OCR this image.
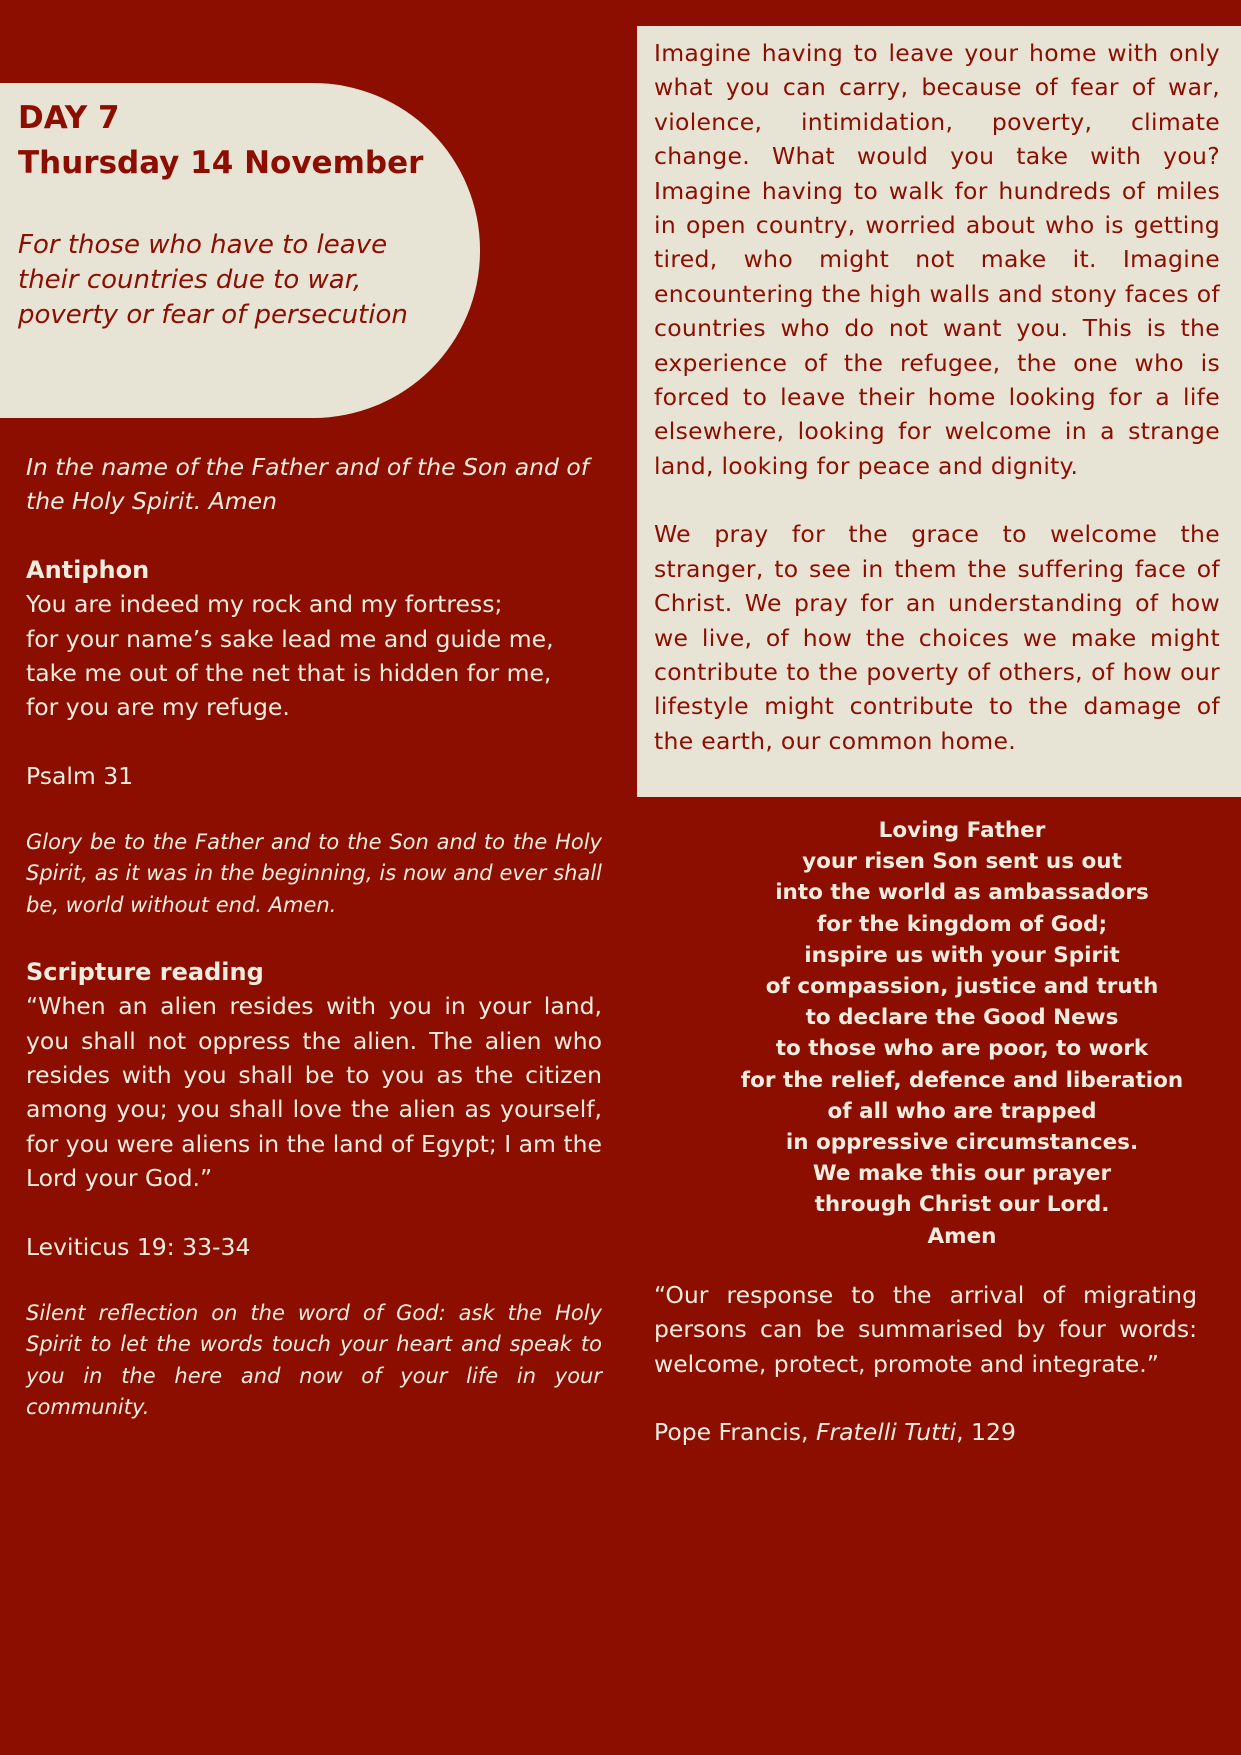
DAY 7
Thursday 14 November

For those who have to leave
their countries due to war,
poverty or fear of persecution

In the name of the Father and of the Son and of the Holy Spirit. Amen

Antiphon

You are indeed my rock and my fortress;

for your name’s sake lead me and guide me,

take me out of the net that is hidden for me,

for you are my refuge.

Psalm 31

Glory be to the Father and to the Son and to the Holy Spirit, as it was in the beginning, is now and ever shall be, world without end. Amen.

Scripture reading

“When an alien resides with you in your land, you shall not oppress the alien. The alien who resides with you shall be to you as the citizen among you; you shall love the alien as yourself, for you were aliens in the land of Egypt; I am the Lord your God.”

Leviticus 19: 33-34

Silent reflection on the word of God: ask the Holy Spirit to let the words touch your heart and speak to you in the here and now of your life in your community.

Imagine having to leave your home with only what you can carry, because of fear of war, violence, intimidation, poverty, climate change. What would you take with you? Imagine having to walk for hundreds of miles in open country, worried about who is getting tired, who might not make it. Imagine encountering the high walls and stony faces of countries who do not want you. This is the experience of the refugee, the one who is forced to leave their home looking for a life elsewhere, looking for welcome in a strange land, looking for peace and dignity.

We pray for the grace to welcome the stranger, to see in them the suffering face of Christ. We pray for an understanding of how we live, of how the choices we make might contribute to the poverty of others, of how our lifestyle might contribute to the damage of the earth, our common home.

Loving Father
your risen Son sent us out
into the world as ambassadors
for the kingdom of God;
inspire us with your Spirit
of compassion, justice and truth
to declare the Good News
to those who are poor, to work
for the relief, defence and liberation
of all who are trapped
in oppressive circumstances.
We make this our prayer
through Christ our Lord.
Amen

“Our response to the arrival of migrating persons can be summarised by four words: welcome, protect, promote and integrate.”

Pope Francis, Fratelli Tutti, 129
